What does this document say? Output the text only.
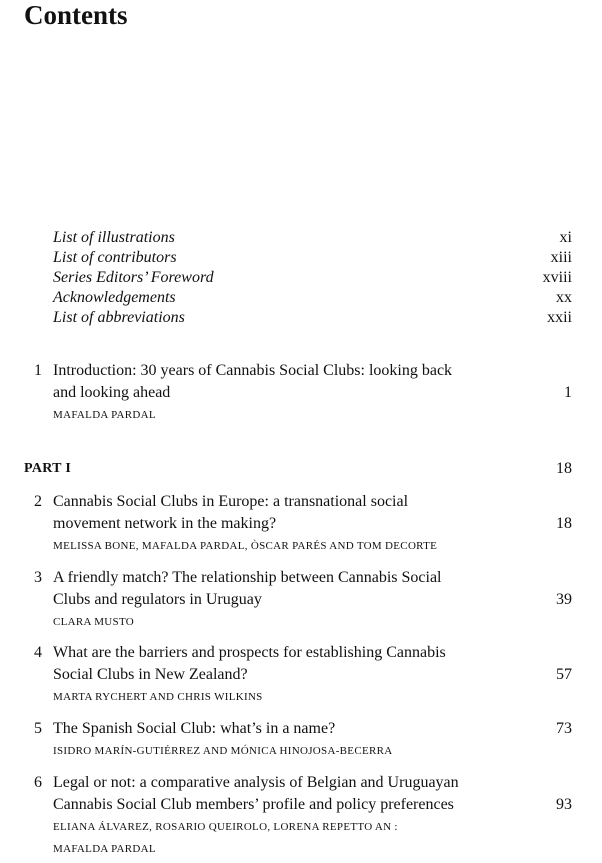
Contents
List of illustrations	xi
List of contributors	xiii
Series Editors’ Foreword	xviii
Acknowledgements	xx
List of abbreviations	xxii
1 Introduction: 30 years of Cannabis Social Clubs: looking back
and looking ahead	1
MAFALDA PARDAL
PART I	18
2 Cannabis Social Clubs in Europe: a transnational social
movement network in the making?	18
MELISSA BONE, MAFALDA PARDAL, ÒSCAR PARÉS AND TOM DECORTE
3 A friendly match? The relationship between Cannabis Social
Clubs and regulators in Uruguay	39
CLARA MUSTO
4 What are the barriers and prospects for establishing Cannabis
Social Clubs in New Zealand?	57
MARTA RYCHERT AND CHRIS WILKINS
5 The Spanish Social Club: what’s in a name?	73
ISIDRO MARÍN-GUTIÉRREZ AND MÓNICA HINOJOSA-BECERRA
6 Legal or not: a comparative analysis of Belgian and Uruguayan
Cannabis Social Club members’ profile and policy preferences	93
ELIANA ÁLVAREZ, ROSARIO QUEIROLO, LORENA REPETTO AN :
MAFALDA PARDAL
